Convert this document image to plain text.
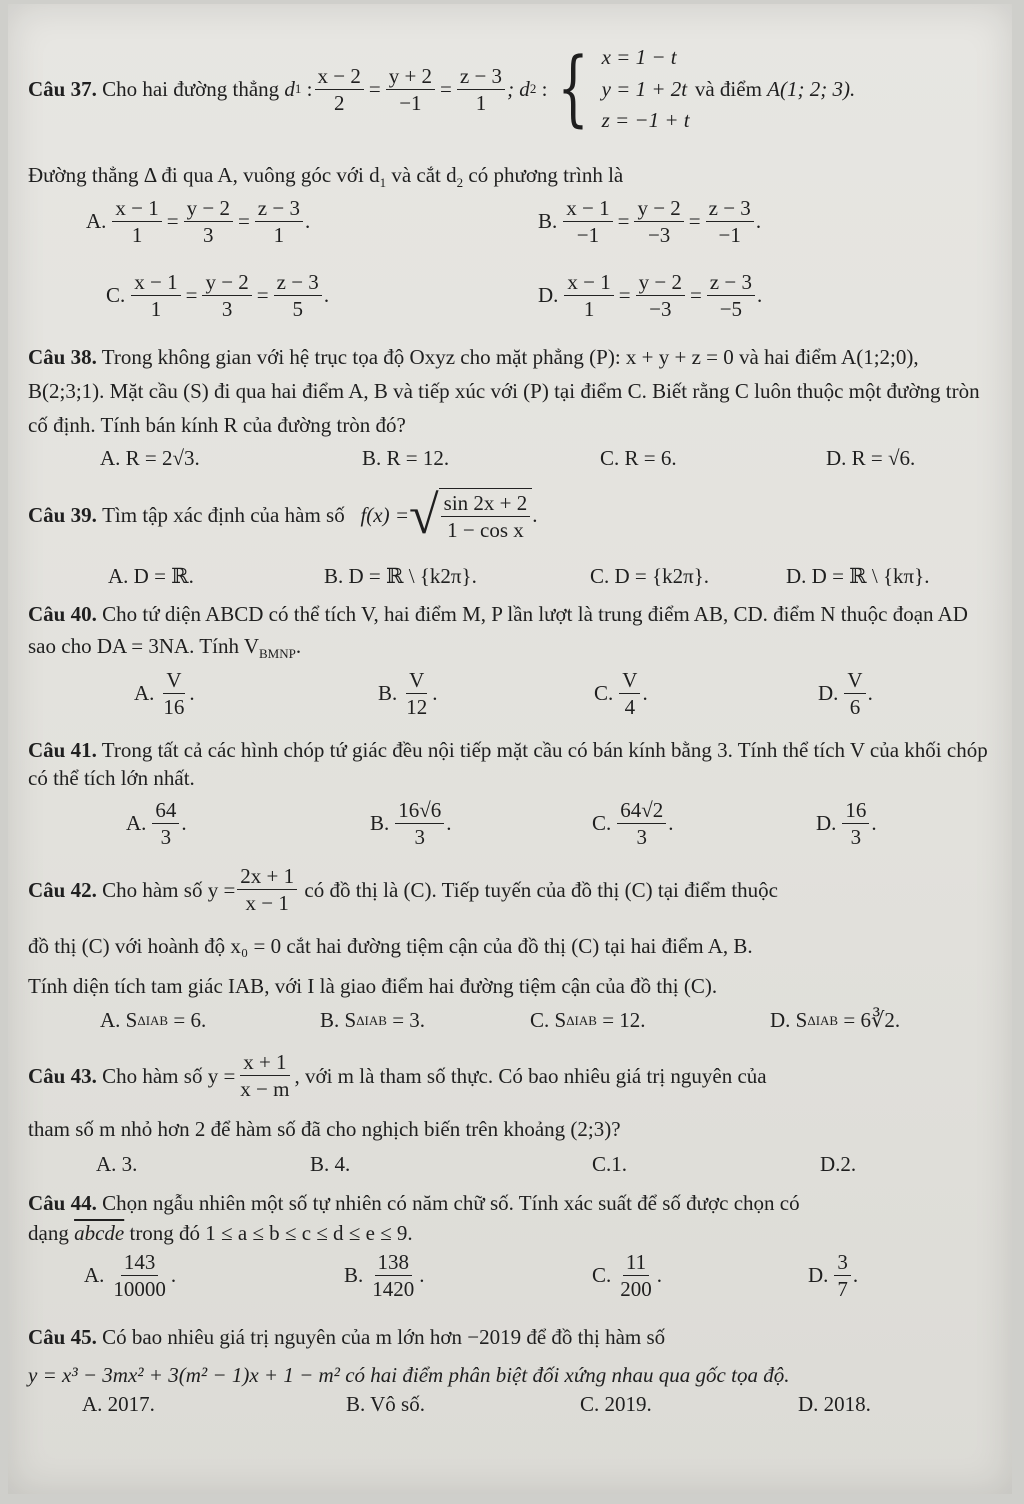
Câu 37.
Cho hai đường thẳng
d 1 : $\frac{x - 2}{2} = \frac{y + 2}{-1} = \frac{z - 3}{1}$ ; d 2 : { x = 1 − t
y = 1 + 2t
z = −1 + t

và điểm
A(1; 2; 3).
Đường thẳng Δ đi qua A, vuông góc với $d_1$ và cắt $d_2$ có phương trình là
A. $\frac{x - 1}{1} = \frac{y - 2}{3} = \frac{z - 3}{1}$ .	B. $\frac{x - 1}{-1} = \frac{y - 2}{-3} = \frac{z - 3}{-1}$ .
C. $\frac{x - 1}{1} = \frac{y - 2}{3} = \frac{z - 3}{5}$ .	D. $\frac{x - 1}{1} = \frac{y - 2}{-3} = \frac{z - 3}{-5}$ .
Câu 38. Trong không gian với hệ trục tọa độ Oxyz cho mặt phẳng (P): x + y + z = 0 và hai điểm A(1;2;0), B(2;3;1). Mặt cầu (S) đi qua hai điểm A, B và tiếp xúc với (P) tại điểm C. Biết rằng C luôn thuộc một đường tròn cố định. Tính bán kính R của đường tròn đó?
A. R = 2√3.	B. R = 12.	C. R = 6.	D. R = √6.
Câu 39.
Tìm tập xác định của hàm số
f(x) = √ $\frac{\sin 2x + 2}{\text{1 − cos x}}$ .
A. D = ℝ.	B. D = ℝ \ {k2π}.	C. D = {k2π}.	D. D = ℝ \ {kπ}.
Câu 40. Cho tứ diện ABCD có thể tích V, hai điểm M, P lần lượt là trung điểm AB, CD. điểm N thuộc đoạn AD sao cho DA = 3NA. Tính $V_{BMNP}$.
A.
V
16
.	B.
V
12
.	C.
V
4
.	D.
V
6
.
Câu 41. Trong tất cả các hình chóp tứ giác đều nội tiếp mặt cầu có bán kính bằng 3. Tính thể tích V của khối chóp có thể tích lớn nhất.
A.
64
3
.	B.
16√6
3
.	C.
64√2
3
.	D.
16
3
.
Câu 42.
Cho hàm số $y = \frac{2x + 1}{x - 1}$
có đồ thị là (C). Tiếp tuyến của đồ thị (C) tại điểm thuộc
đồ thị (C) với hoành độ x₀ = 0 cắt hai đường tiệm cận của đồ thị (C) tại hai điểm A, B.
Tính diện tích tam giác IAB, với I là giao điểm hai đường tiệm cận của đồ thị (C).
A. S ΔIAB
= 6.	B. S ΔIAB
= 3.	C. S ΔIAB
= 12.	D. S ΔIAB
= 6∛2.
Câu 43.
Cho hàm số $y = \frac{x + 1}{x - m}$ , với m là tham số thực. Có bao nhiêu giá trị nguyên của
tham số m nhỏ hơn 2 để hàm số đã cho nghịch biến trên khoảng (2;3)?
A. 3.	B. 4.	C.1.	D.2.
Câu 44. Chọn ngẫu nhiên một số tự nhiên có năm chữ số. Tính xác suất để số được chọn có
dạng abcde trong đó 1 ≤ a ≤ b ≤ c ≤ d ≤ e ≤ 9.
A.
143
10000
.	B.
138
1420
.	C.
11
200
.	D.
3
7
.
Câu 45. Có bao nhiêu giá trị nguyên của m lớn hơn −2019 để đồ thị hàm số
y = x³ − 3mx² + 3(m² − 1)x + 1 − m² có hai điểm phân biệt đối xứng nhau qua gốc tọa độ.
A. 2017.	B. Vô số.	C. 2019.	D. 2018.
